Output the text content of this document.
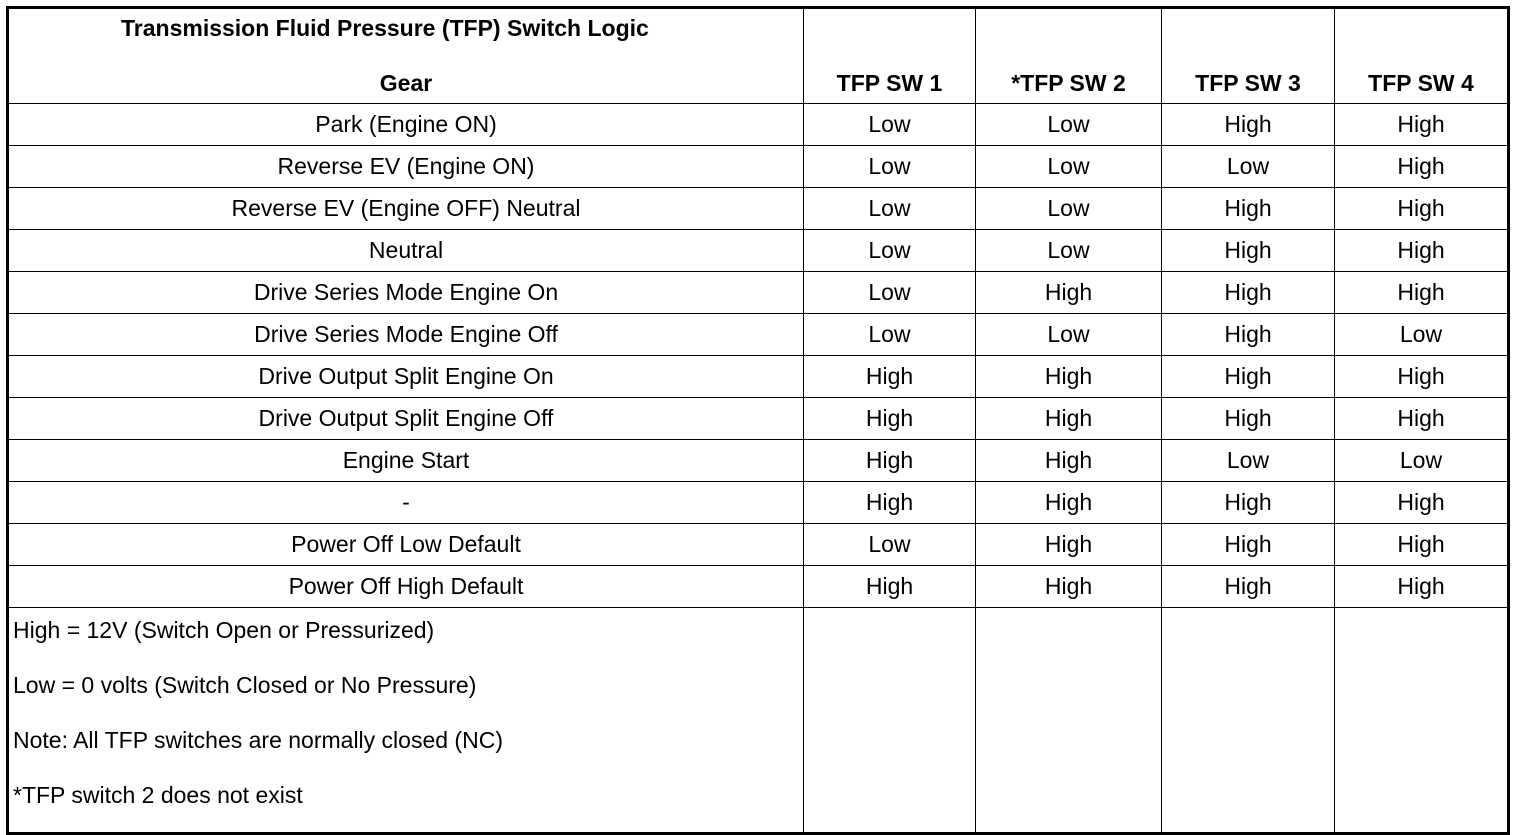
Transmission Fluid Pressure (TFP) Switch Logic
Gear	TFP SW 1	*TFP SW 2	TFP SW 3	TFP SW 4
Park (Engine ON)	Low	Low	High	High
Reverse EV (Engine ON)	Low	Low	Low	High
Reverse EV (Engine OFF) Neutral	Low	Low	High	High
Neutral	Low	Low	High	High
Drive Series Mode Engine On	Low	High	High	High
Drive Series Mode Engine Off	Low	Low	High	Low
Drive Output Split Engine On	High	High	High	High
Drive Output Split Engine Off	High	High	High	High
Engine Start	High	High	Low	Low
-	High	High	High	High
Power Off Low Default	Low	High	High	High
Power Off High Default	High	High	High	High

High = 12V (Switch Open or Pressurized)
Low = 0 volts (Switch Closed or No Pressure)
Note: All TFP switches are normally closed (NC)
*TFP switch 2 does not exist				
